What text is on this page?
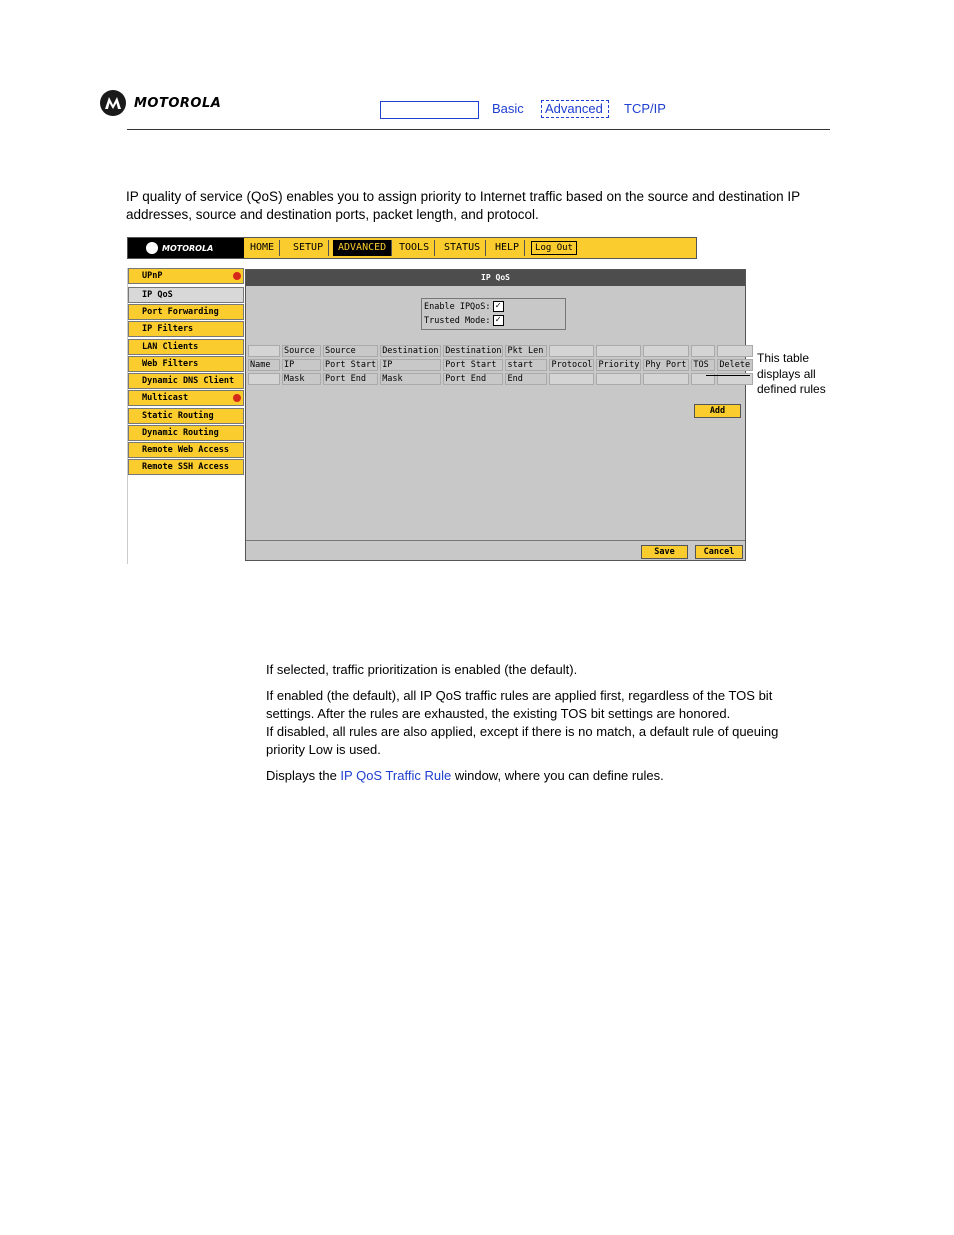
MOTOROLA	Basic Advanced TCP/IP
IP quality of service (QoS) enables you to assign priority to Internet traffic based on the source and destination IP addresses, source and destination ports, packet length, and protocol.
MOTOROLA	HOME	SETUP	ADVANCED	TOOLS	STATUS	HELP	Log Out
UPnP
IP QoS
Port Forwarding
IP Filters
LAN Clients
Web Filters
Dynamic DNS Client
Multicast
Static Routing
Dynamic Routing
Remote Web Access
Remote SSH Access
IP QoS
Enable IPQoS: ✓
Trusted Mode: ✓
	Source	Source	Destination	Destination	Pkt Len					
Name	IP	Port Start	IP	Port Start	start	Protocol	Priority	Phy Port	TOS	Delete
	Mask	Port End	Mask	Port End	End					
Add
Save	Cancel
This table displays all defined rules
If selected, traffic prioritization is enabled (the default).
If enabled (the default), all IP QoS traffic rules are applied first, regardless of the TOS bit settings. After the rules are exhausted, the existing TOS bit settings are honored.
If disabled, all rules are also applied, except if there is no match, a default rule of queuing priority Low is used.
Displays the IP QoS Traffic Rule window, where you can define rules.
